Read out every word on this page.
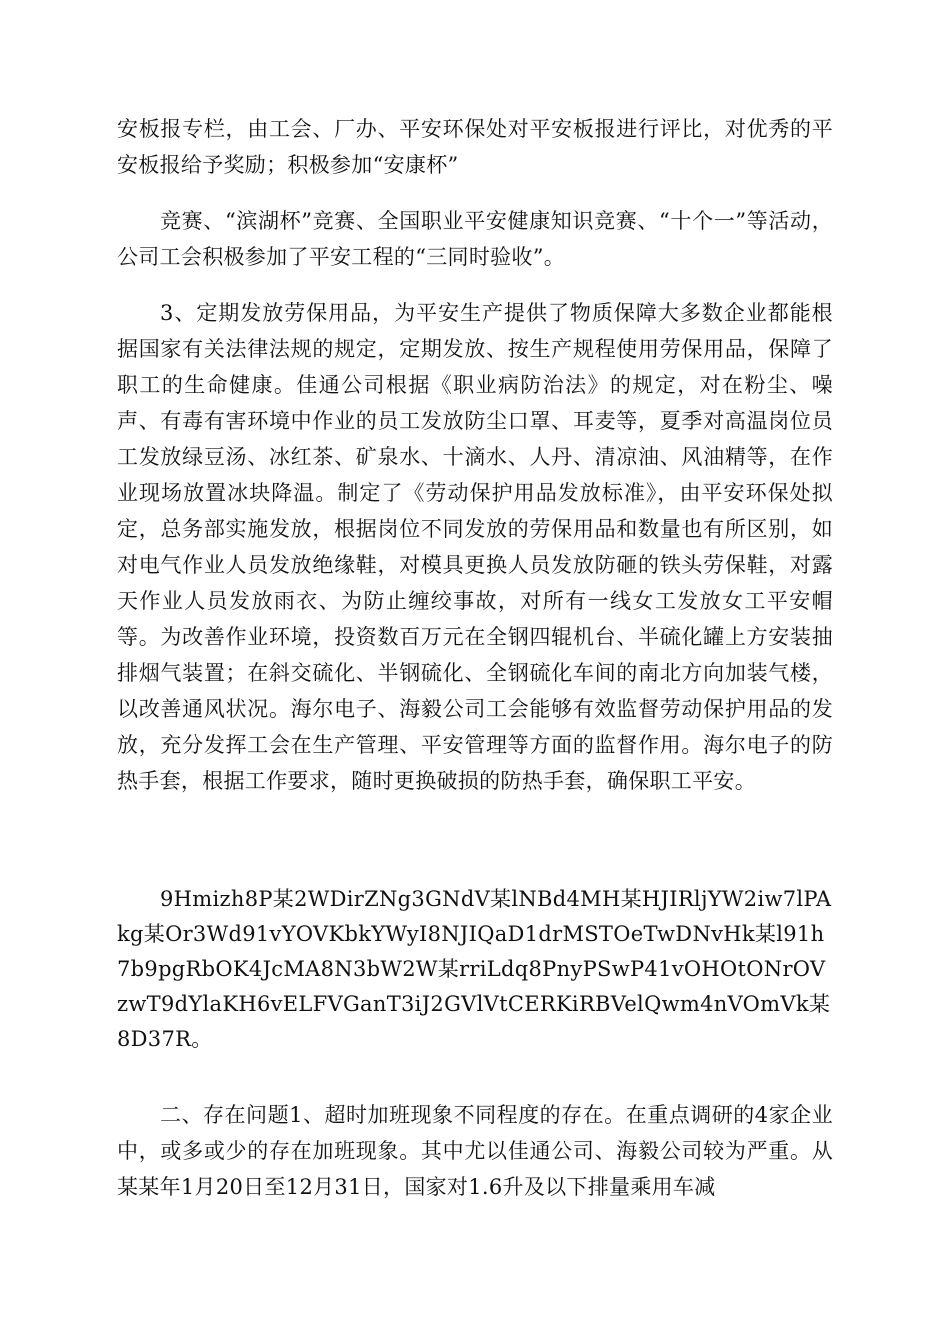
安板报专栏，由工会、厂办、平安环保处对平安板报进行评比，对优秀的平安板报给予奖励；积极参加“安康杯”

竞赛、“滨湖杯”竞赛、全国职业平安健康知识竞赛、“十个一”等活动，公司工会积极参加了平安工程的“三同时验收”。

3、定期发放劳保用品，为平安生产提供了物质保障大多数企业都能根据国家有关法律法规的规定，定期发放、按生产规程使用劳保用品，保障了职工的生命健康。佳通公司根据《职业病防治法》的规定，对在粉尘、噪声、有毒有害环境中作业的员工发放防尘口罩、耳麦等，夏季对高温岗位员工发放绿豆汤、冰红茶、矿泉水、十滴水、人丹、清凉油、风油精等，在作业现场放置冰块降温。制定了《劳动保护用品发放标准》，由平安环保处拟定，总务部实施发放，根据岗位不同发放的劳保用品和数量也有所区别，如对电气作业人员发放绝缘鞋，对模具更换人员发放防砸的铁头劳保鞋，对露天作业人员发放雨衣、为防止缠绞事故，对所有一线女工发放女工平安帽等。为改善作业环境，投资数百万元在全钢四辊机台、半硫化罐上方安装抽排烟气装置；在斜交硫化、半钢硫化、全钢硫化车间的南北方向加装气楼，以改善通风状况。海尔电子、海毅公司工会能够有效监督劳动保护用品的发放，充分发挥工会在生产管理、平安管理等方面的监督作用。海尔电子的防热手套，根据工作要求，随时更换破损的防热手套，确保职工平安。

9Hmizh8P某2WDirZNg3GNdV某lNBd4MH某HJIRljYW2iw7lPAkg某Or3Wd91vYOVKbkYWyI8NJIQaD1drMSTOeTwDNvHk某l91h7b9pgRbOK4JcMA8N3bW2W某rriLdq8PnyPSwP41vOHOtONrOVzwT9dYlaKH6vELFVGanT3iJ2GVlVtCERKiRBVelQwm4nVOmVk某8D37R。

二、存在问题1、超时加班现象不同程度的存在。在重点调研的4家企业中，或多或少的存在加班现象。其中尤以佳通公司、海毅公司较为严重。从某某年1月20日至12月31日，国家对1.6升及以下排量乘用车减
